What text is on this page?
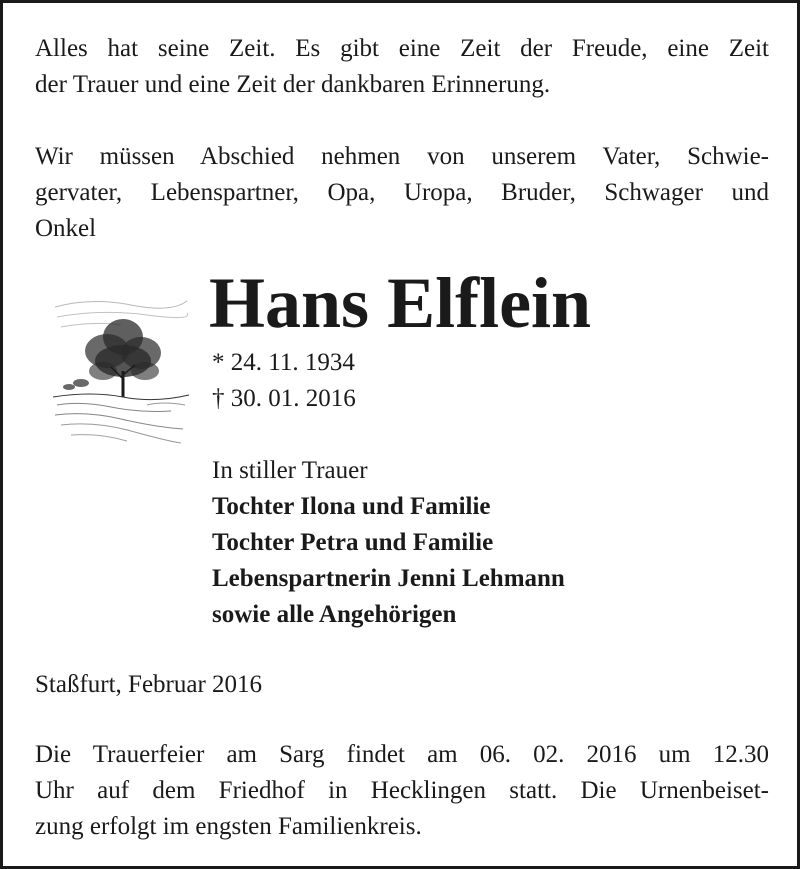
Alles hat seine Zeit. Es gibt eine Zeit der Freude, eine Zeit

der Trauer und eine Zeit der dankbaren Erinnerung.

Wir müssen Abschied nehmen von unserem Vater, Schwie-

gervater, Lebenspartner, Opa, Uropa, Bruder, Schwager und

Onkel

Hans Elflein
* 24. 11. 1934
† 30. 01. 2016
In stiller Trauer
Tochter Ilona und Familie
Tochter Petra und Familie
Lebenspartnerin Jenni Lehmann
sowie alle Angehörigen

Staßfurt, Februar 2016

Die Trauerfeier am Sarg findet am 06. 02. 2016 um 12.30

Uhr auf dem Friedhof in Hecklingen statt. Die Urnenbeiset-

zung erfolgt im engsten Familienkreis.
